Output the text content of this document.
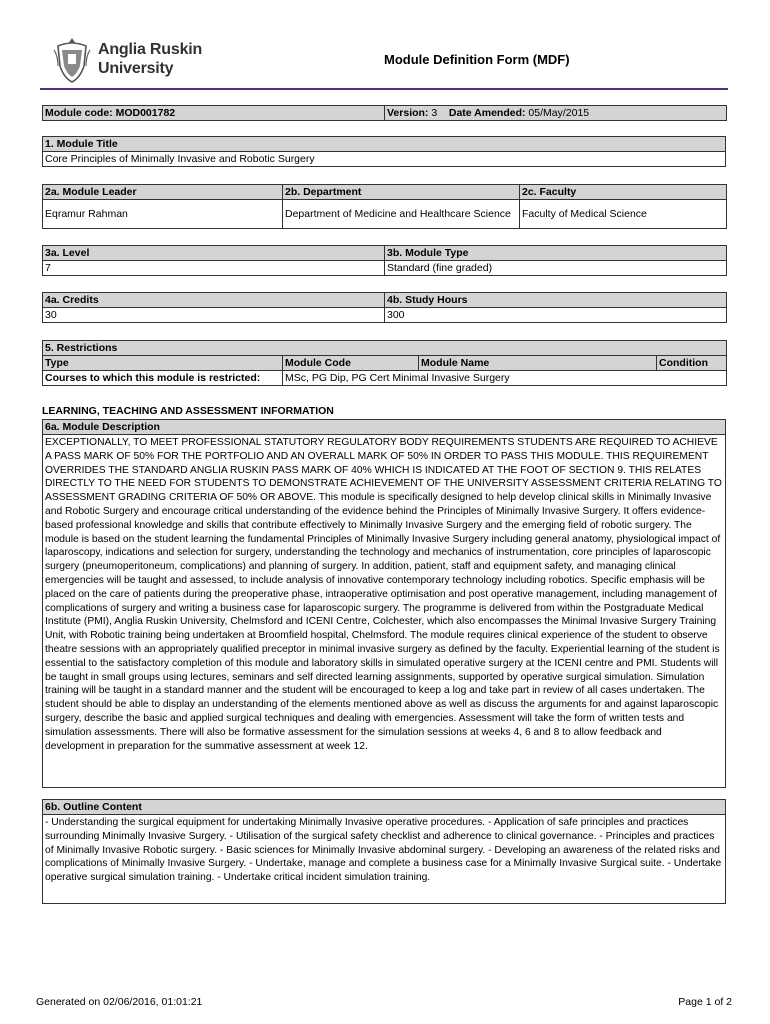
Anglia Ruskin
University
Module Definition Form (MDF)
Module code: MOD001782	Version: 3 Date Amended: 05/May/2015
1. Module Title
Core Principles of Minimally Invasive and Robotic Surgery
2a. Module Leader	2b. Department	2c. Faculty
Eqramur Rahman	Department of Medicine and Healthcare Science	Faculty of Medical Science
3a. Level	3b. Module Type
7	Standard (fine graded)
4a. Credits	4b. Study Hours
30	300
5. Restrictions			
Type	Module Code	Module Name	Condition
Courses to which this module is restricted:	MSc, PG Dip, PG Cert Minimal Invasive Surgery		
LEARNING, TEACHING AND ASSESSMENT INFORMATION
6a. Module Description
EXCEPTIONALLY, TO MEET PROFESSIONAL STATUTORY REGULATORY BODY REQUIREMENTS STUDENTS ARE REQUIRED TO ACHIEVE A PASS MARK OF 50% FOR THE PORTFOLIO AND AN OVERALL MARK OF 50% IN ORDER TO PASS THIS MODULE. THIS REQUIREMENT OVERRIDES THE STANDARD ANGLIA RUSKIN PASS MARK OF 40% WHICH IS INDICATED AT THE FOOT OF SECTION 9. THIS RELATES DIRECTLY TO THE NEED FOR STUDENTS TO DEMONSTRATE ACHIEVEMENT OF THE UNIVERSITY ASSESSMENT CRITERIA RELATING TO ASSESSMENT GRADING CRITERIA OF 50% OR ABOVE. This module is specifically designed to help develop clinical skills in Minimally Invasive and Robotic Surgery and encourage critical understanding of the evidence behind the Principles of Minimally Invasive Surgery. It offers evidence-based professional knowledge and skills that contribute effectively to Minimally Invasive Surgery and the emerging field of robotic surgery. The module is based on the student learning the fundamental Principles of Minimally Invasive Surgery including general anatomy, physiological impact of laparoscopy, indications and selection for surgery, understanding the technology and mechanics of instrumentation, core principles of laparoscopic surgery (pneumoperitoneum, complications) and planning of surgery. In addition, patient, staff and equipment safety, and managing clinical emergencies will be taught and assessed, to include analysis of innovative contemporary technology including robotics. Specific emphasis will be placed on the care of patients during the preoperative phase, intraoperative optimisation and post operative management, including management of complications of surgery and writing a business case for laparoscopic surgery. The programme is delivered from within the Postgraduate Medical Institute (PMI), Anglia Ruskin University, Chelmsford and ICENI Centre, Colchester, which also encompasses the Minimal Invasive Surgery Training Unit, with Robotic training being undertaken at Broomfield hospital, Chelmsford. The module requires clinical experience of the student to observe theatre sessions with an appropriately qualified preceptor in minimal invasive surgery as defined by the faculty. Experiential learning of the student is essential to the satisfactory completion of this module and laboratory skills in simulated operative surgery at the ICENI centre and PMI. Students will be taught in small groups using lectures, seminars and self directed learning assignments, supported by operative surgical simulation. Simulation training will be taught in a standard manner and the student will be encouraged to keep a log and take part in review of all cases undertaken. The student should be able to display an understanding of the elements mentioned above as well as discuss the arguments for and against laparoscopic surgery, describe the basic and applied surgical techniques and dealing with emergencies. Assessment will take the form of written tests and simulation assessments. There will also be formative assessment for the simulation sessions at weeks 4, 6 and 8 to allow feedback and development in preparation for the summative assessment at week 12.
6b. Outline Content
- Understanding the surgical equipment for undertaking Minimally Invasive operative procedures. - Application of safe principles and practices surrounding Minimally Invasive Surgery. - Utilisation of the surgical safety checklist and adherence to clinical governance. - Principles and practices of Minimally Invasive Robotic surgery. - Basic sciences for Minimally Invasive abdominal surgery. - Developing an awareness of the related risks and complications of Minimally Invasive Surgery. - Undertake, manage and complete a business case for a Minimally Invasive Surgical suite. - Undertake operative surgical simulation training. - Undertake critical incident simulation training.
Generated on 02/06/2016, 01:01:21	Page 1 of 2
